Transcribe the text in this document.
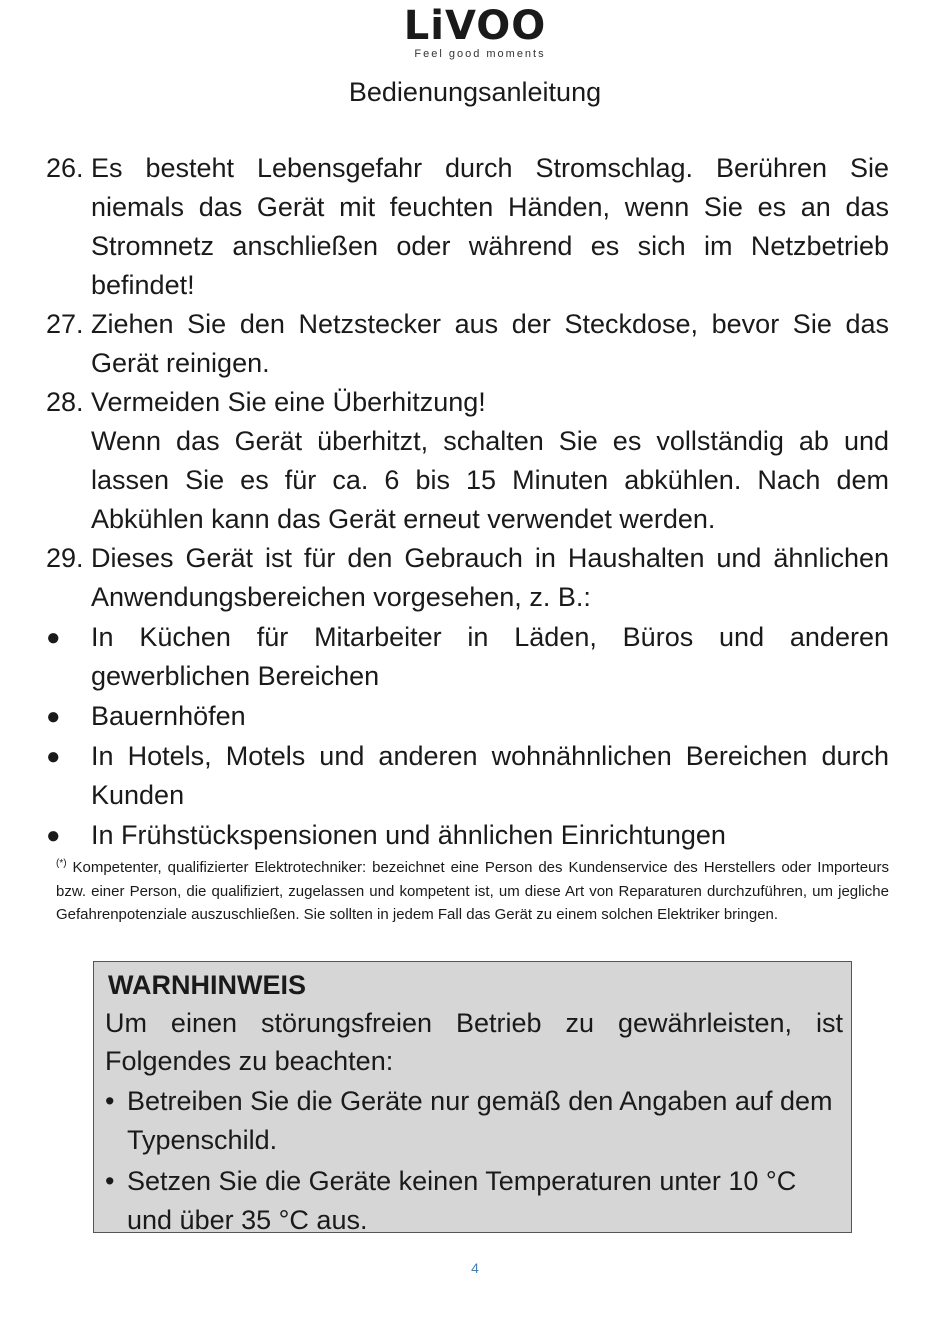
LiVOO
Feel good moments
Bedienungsanleitung
26. Es besteht Lebensgefahr durch Stromschlag. Berühren Sie niemals das Gerät mit feuchten Händen, wenn Sie es an das Stromnetz anschließen oder während es sich im Netzbetrieb befindet!
27. Ziehen Sie den Netzstecker aus der Steckdose, bevor Sie das Gerät reinigen.
28. Vermeiden Sie eine Überhitzung!
Wenn das Gerät überhitzt, schalten Sie es vollständig ab und lassen Sie es für ca. 6 bis 15 Minuten abkühlen. Nach dem Abkühlen kann das Gerät erneut verwendet werden.
29. Dieses Gerät ist für den Gebrauch in Haushalten und ähnlichen Anwendungsbereichen vorgesehen, z. B.:
●	In Küchen für Mitarbeiter in Läden, Büros und anderen gewerblichen Bereichen
●	Bauernhöfen
●	In Hotels, Motels und anderen wohnähnlichen Bereichen durch Kunden
●	In Frühstückspensionen und ähnlichen Einrichtungen
(*) Kompetenter, qualifizierter Elektrotechniker: bezeichnet eine Person des Kundenservice des Herstellers oder Importeurs bzw. einer Person, die qualifiziert, zugelassen und kompetent ist, um diese Art von Reparaturen durchzuführen, um jegliche Gefahrenpotenziale auszuschließen. Sie sollten in jedem Fall das Gerät zu einem solchen Elektriker bringen.
WARNHINWEIS
Um einen störungsfreien Betrieb zu gewährleisten, ist Folgendes zu beachten:
• Betreiben Sie die Geräte nur gemäß den Angaben auf dem Typenschild.
• Setzen Sie die Geräte keinen Temperaturen unter 10 °C und über 35 °C aus.
4
